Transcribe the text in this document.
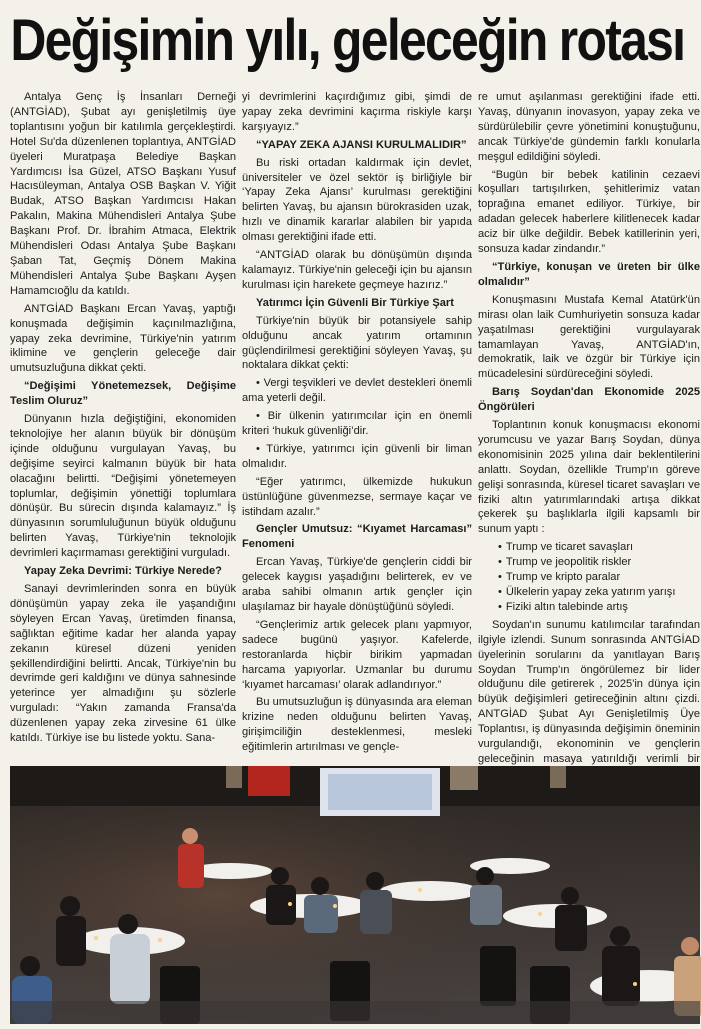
Değişimin yılı, geleceğin rotası

Antalya Genç İş İnsanları Derneği (ANTGİAD), Şubat ayı genişletilmiş üye toplantısını yoğun bir katılımla gerçekleştirdi. Hotel Su'da düzenlenen toplantıya, ANTGİAD üyeleri Muratpaşa Belediye Başkan Yardımcısı İsa Güzel, ATSO Başkanı Yusuf Hacısüleyman, Antalya OSB Başkan V. Yiğit Budak, ATSO Başkan Yardımcısı Hakan Pakalın, Makina Mühendisleri Antalya Şube Başkanı Prof. Dr. İbrahim Atmaca, Elektrik Mühendisleri Odası Antalya Şube Başkanı Şaban Tat, Geçmiş Dönem Makina Mühendisleri Antalya Şube Başkanı Ayşen Hamamcıoğlu da katıldı.

ANTGİAD Başkanı Ercan Yavaş, yaptığı konuşmada değişimin kaçınılmazlığına, yapay zeka devrimine, Türkiye'nin yatırım iklimine ve gençlerin geleceğe dair umutsuzluğuna dikkat çekti.

“Değişimi Yönetemezsek, Değişime Teslim Oluruz”

Dünyanın hızla değiştiğini, ekonomiden teknolojiye her alanın büyük bir dönüşüm içinde olduğunu vurgulayan Yavaş, bu değişime seyirci kalmanın büyük bir hata olacağını belirtti. “Değişimi yönetemeyen toplumlar, değişimin yönettiği toplumlara dönüşür. Bu sürecin dışında kalamayız.” İş dünyasının sorumluluğunun büyük olduğunu belirten Yavaş, Türkiye'nin teknolojik devrimleri kaçırmaması gerektiğini vurguladı.

Yapay Zeka Devrimi: Türkiye Nerede?

Sanayi devrimlerinden sonra en büyük dönüşümün yapay zeka ile yaşandığını söyleyen Ercan Yavaş, üretimden finansa, sağlıktan eğitime kadar her alanda yapay zekanın küresel düzeni yeniden şekillendirdiğini belirtti. Ancak, Türkiye'nin bu devrimde geri kaldığını ve dünya sahnesinde yeterince yer almadığını şu sözlerle vurguladı: “Yakın zamanda Fransa'da düzenlenen yapay zeka zirvesine 61 ülke katıldı. Türkiye ise bu listede yoktu. Sana-

yi devrimlerini kaçırdığımız gibi, şimdi de yapay zeka devrimini kaçırma riskiyle karşı karşıyayız.”

“YAPAY ZEKA AJANSI KURULMALIDIR”

Bu riski ortadan kaldırmak için devlet, üniversiteler ve özel sektör iş birliğiyle bir ‘Yapay Zeka Ajansı’ kurulması gerektiğini belirten Yavaş, bu ajansın bürokrasiden uzak, hızlı ve dinamik kararlar alabilen bir yapıda olması gerektiğini ifade etti.

“ANTGİAD olarak bu dönüşümün dışında kalamayız. Türkiye'nin geleceği için bu ajansın kurulması için harekete geçmeye hazırız.”

Yatırımcı İçin Güvenli Bir Türkiye Şart

Türkiye'nin büyük bir potansiyele sahip olduğunu ancak yatırım ortamının güçlendirilmesi gerektiğini söyleyen Yavaş, şu noktalara dikkat çekti:

• Vergi teşvikleri ve devlet destekleri önemli ama yeterli değil.

• Bir ülkenin yatırımcılar için en önemli kriteri ‘hukuk güvenliği’dir.

• Türkiye, yatırımcı için güvenli bir liman olmalıdır.

“Eğer yatırımcı, ülkemizde hukukun üstünlüğüne güvenmezse, sermaye kaçar ve istihdam azalır.”

Gençler Umutsuz: “Kıyamet Harcaması” Fenomeni

Ercan Yavaş, Türkiye'de gençlerin ciddi bir gelecek kaygısı yaşadığını belirterek, ev ve araba sahibi olmanın artık gençler için ulaşılamaz bir hayale dönüştüğünü söyledi.

“Gençlerimiz artık gelecek planı yapmıyor, sadece bugünü yaşıyor. Kafelerde, restoranlarda hiçbir birikim yapmadan harcama yapıyorlar. Uzmanlar bu durumu ‘kıyamet harcaması’ olarak adlandırıyor.”

Bu umutsuzluğun iş dünyasında ara eleman krizine neden olduğunu belirten Yavaş, girişimciliğin desteklenmesi, mesleki eğitimlerin artırılması ve gençle-

re umut aşılanması gerektiğini ifade etti. Yavaş, dünyanın inovasyon, yapay zeka ve sürdürülebilir çevre yönetimini konuştuğunu, ancak Türkiye'de gündemin farklı konularla meşgul edildiğini söyledi.

“Bugün bir bebek katilinin cezaevi koşulları tartışılırken, şehitlerimiz vatan toprağına emanet ediliyor. Türkiye, bir adadan gelecek haberlere kilitlenecek kadar aciz bir ülke değildir. Bebek katillerinin yeri, sonsuza kadar zindandır.”

“Türkiye, konuşan ve üreten bir ülke olmalıdır”

Konuşmasını Mustafa Kemal Atatürk'ün mirası olan laik Cumhuriyetin sonsuza kadar yaşatılması gerektiğini vurgulayarak tamamlayan Yavaş, ANTGİAD'ın, demokratik, laik ve özgür bir Türkiye için mücadelesini sürdüreceğini söyledi.

Barış Soydan'dan Ekonomide 2025 Öngörüleri

Toplantının konuk konuşmacısı ekonomi yorumcusu ve yazar Barış Soydan, dünya ekonomisinin 2025 yılına dair beklentilerini anlattı. Soydan, özellikle Trump'ın göreve gelişi sonrasında, küresel ticaret savaşları ve fiziki altın yatırımlarındaki artışa dikkat çekerek şu başlıklarla ilgili kapsamlı bir sunum yaptı :

• Trump ve ticaret savaşları
• Trump ve jeopolitik riskler
• Trump ve kripto paralar
• Ülkelerin yapay zeka yatırım yarışı
• Fiziki altın talebinde artış

Soydan'ın sunumu katılımcılar tarafından ilgiyle izlendi. Sunum sonrasında ANTGİAD üyelerinin sorularını da yanıtlayan Barış Soydan Trump'ın öngörülemez bir lider olduğunu dile getirerek , 2025'in dünya için büyük değişimleri getireceğinin altını çizdi. ANTGİAD Şubat Ayı Genişletilmiş Üye Toplantısı, iş dünyasında değişimin öneminin vurgulandığı, ekonominin ve gençlerin geleceğinin masaya yatırıldığı verimli bir
